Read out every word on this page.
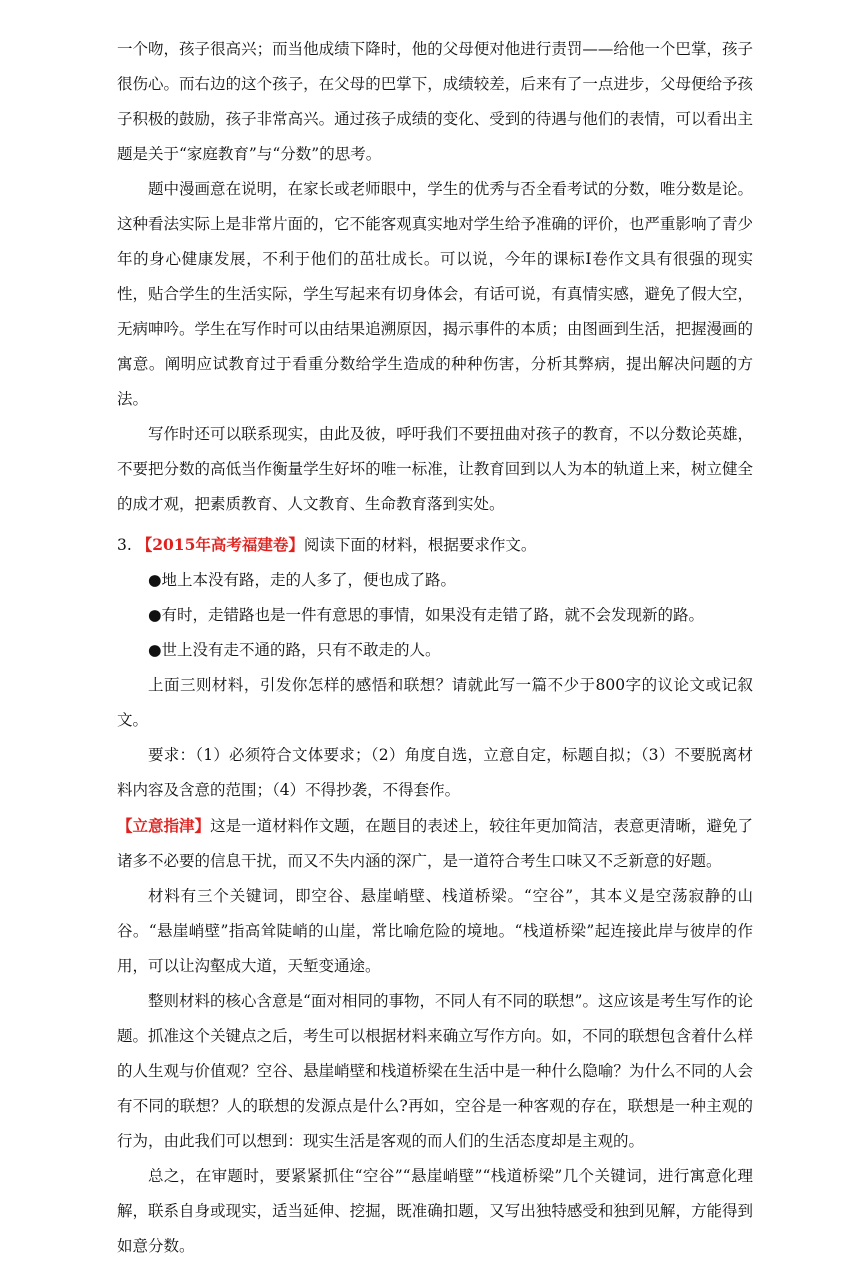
一个吻，孩子很高兴；而当他成绩下降时，他的父母便对他进行责罚——给他一个巴掌，孩子很伤心。而右边的这个孩子，在父母的巴掌下，成绩较差，后来有了一点进步，父母便给予孩子积极的鼓励，孩子非常高兴。通过孩子成绩的变化、受到的待遇与他们的表情，可以看出主题是关于“家庭教育”与“分数”的思考。

题中漫画意在说明，在家长或老师眼中，学生的优秀与否全看考试的分数，唯分数是论。这种看法实际上是非常片面的，它不能客观真实地对学生给予准确的评价，也严重影响了青少年的身心健康发展，不利于他们的茁壮成长。可以说，今年的课标Ⅰ卷作文具有很强的现实性，贴合学生的生活实际，学生写起来有切身体会，有话可说，有真情实感，避免了假大空，无病呻吟。学生在写作时可以由结果追溯原因，揭示事件的本质；由图画到生活，把握漫画的寓意。阐明应试教育过于看重分数给学生造成的种种伤害，分析其弊病，提出解决问题的方法。

写作时还可以联系现实，由此及彼，呼吁我们不要扭曲对孩子的教育，不以分数论英雄，不要把分数的高低当作衡量学生好坏的唯一标准，让教育回到以人为本的轨道上来，树立健全的成才观，把素质教育、人文教育、生命教育落到实处。

3. 【2015年高考福建卷】阅读下面的材料，根据要求作文。

●地上本没有路，走的人多了，便也成了路。

●有时，走错路也是一件有意思的事情，如果没有走错了路，就不会发现新的路。

●世上没有走不通的路，只有不敢走的人。

上面三则材料，引发你怎样的感悟和联想？请就此写一篇不少于800字的议论文或记叙文。

要求：（1）必须符合文体要求；（2）角度自选，立意自定，标题自拟；（3）不要脱离材料内容及含意的范围；（4）不得抄袭，不得套作。

【立意指津】这是一道材料作文题，在题目的表述上，较往年更加简洁，表意更清晰，避免了诸多不必要的信息干扰，而又不失内涵的深广，是一道符合考生口味又不乏新意的好题。

材料有三个关键词，即空谷、悬崖峭壁、栈道桥梁。“空谷”，其本义是空荡寂静的山谷。“悬崖峭壁”指高耸陡峭的山崖，常比喻危险的境地。“栈道桥梁”起连接此岸与彼岸的作用，可以让沟壑成大道，天堑变通途。

整则材料的核心含意是“面对相同的事物，不同人有不同的联想”。这应该是考生写作的论题。抓准这个关键点之后，考生可以根据材料来确立写作方向。如，不同的联想包含着什么样的人生观与价值观？空谷、悬崖峭壁和栈道桥梁在生活中是一种什么隐喻？为什么不同的人会有不同的联想？人的联想的发源点是什么?再如，空谷是一种客观的存在，联想是一种主观的行为，由此我们可以想到：现实生活是客观的而人们的生活态度却是主观的。

总之，在审题时，要紧紧抓住“空谷”“悬崖峭壁”“栈道桥梁”几个关键词，进行寓意化理解，联系自身或现实，适当延伸、挖掘，既准确扣题，又写出独特感受和独到见解，方能得到如意分数。
